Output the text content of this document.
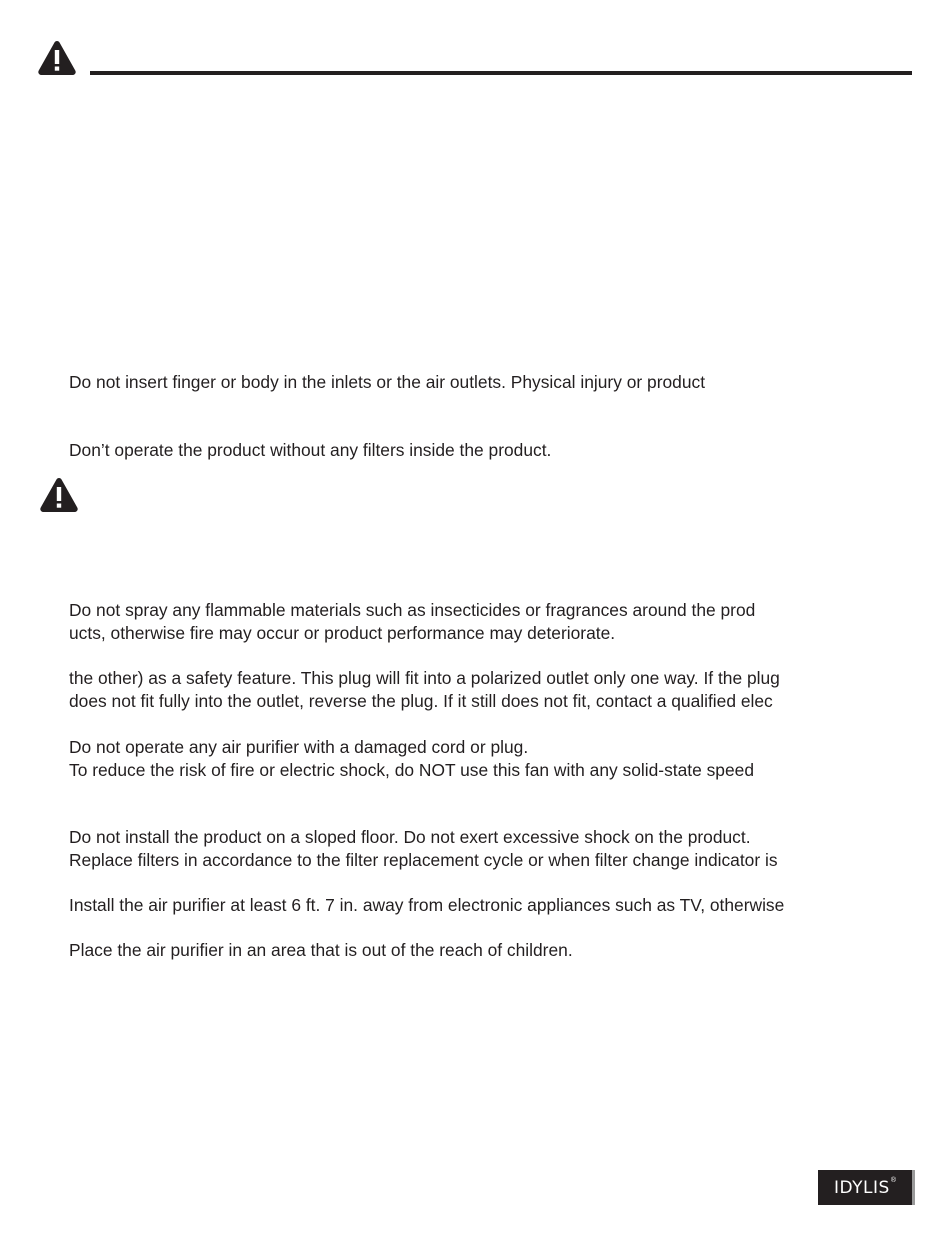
Do not insert finger or body in the inlets or the air outlets. Physical injury or product
Don’t operate the product without any filters inside the product.
Do not spray any flammable materials such as insecticides or fragrances around the prod
ucts, otherwise fire may occur or product performance may deteriorate.
the other) as a safety feature. This plug will fit into a polarized outlet only one way. If the plug
does not fit fully into the outlet, reverse the plug. If it still does not fit, contact a qualified elec
Do not operate any air purifier with a damaged cord or plug.
To reduce the risk of fire or electric shock, do NOT use this fan with any solid-state speed
Do not install the product on a sloped floor. Do not exert excessive shock on the product.
Replace filters in accordance to the filter replacement cycle or when filter change indicator is
Install the air purifier at least 6 ft. 7 in. away from electronic appliances such as TV, otherwise
Place the air purifier in an area that is out of the reach of children.
IDYLIS ®
